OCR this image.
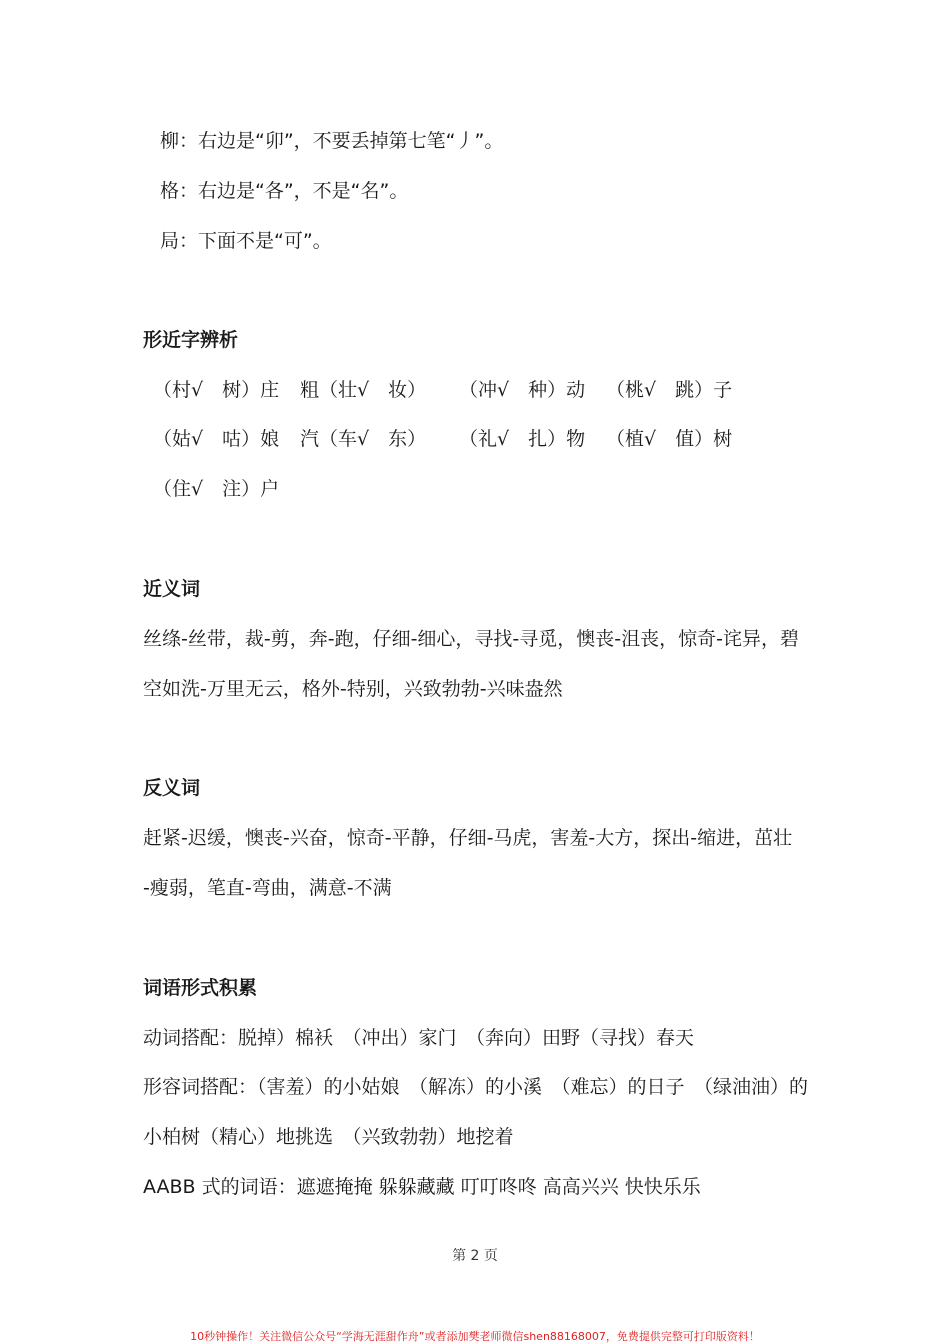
柳：右边是“卯”，不要丢掉第七笔“丿”。
格：右边是“各”，不是“名”。
局：下面不是“可”。
形近字辨析
（村√　树）庄 粗（壮√　妆） （冲√　种）动 （桃√　跳）子
（姑√　咕）娘 汽（车√　东） （礼√　扎）物 （植√　值）树
（住√　注）户
近义词
丝绦-丝带，裁-剪，奔-跑，仔细-细心，寻找-寻觅，懊丧-沮丧，惊奇-诧异，碧
空如洗-万里无云，格外-特别，兴致勃勃-兴味盎然
反义词
赶紧-迟缓，懊丧-兴奋，惊奇-平静，仔细-马虎，害羞-大方，探出-缩进，茁壮
-瘦弱，笔直-弯曲，满意-不满
词语形式积累
动词搭配：脱掉）棉袄　（冲出）家门　（奔向）田野（寻找）春天
形容词搭配：（害羞）的小姑娘　（解冻）的小溪　（难忘）的日子　（绿油油）的
小柏树（精心）地挑选　（兴致勃勃）地挖着
AABB 式的词语：遮遮掩掩 躲躲藏藏 叮叮咚咚 高高兴兴 快快乐乐
第 2 页
10秒钟操作！关注微信公众号“学海无涯甜作舟”或者添加樊老师微信shen88168007，免费提供完整可打印版资料！
